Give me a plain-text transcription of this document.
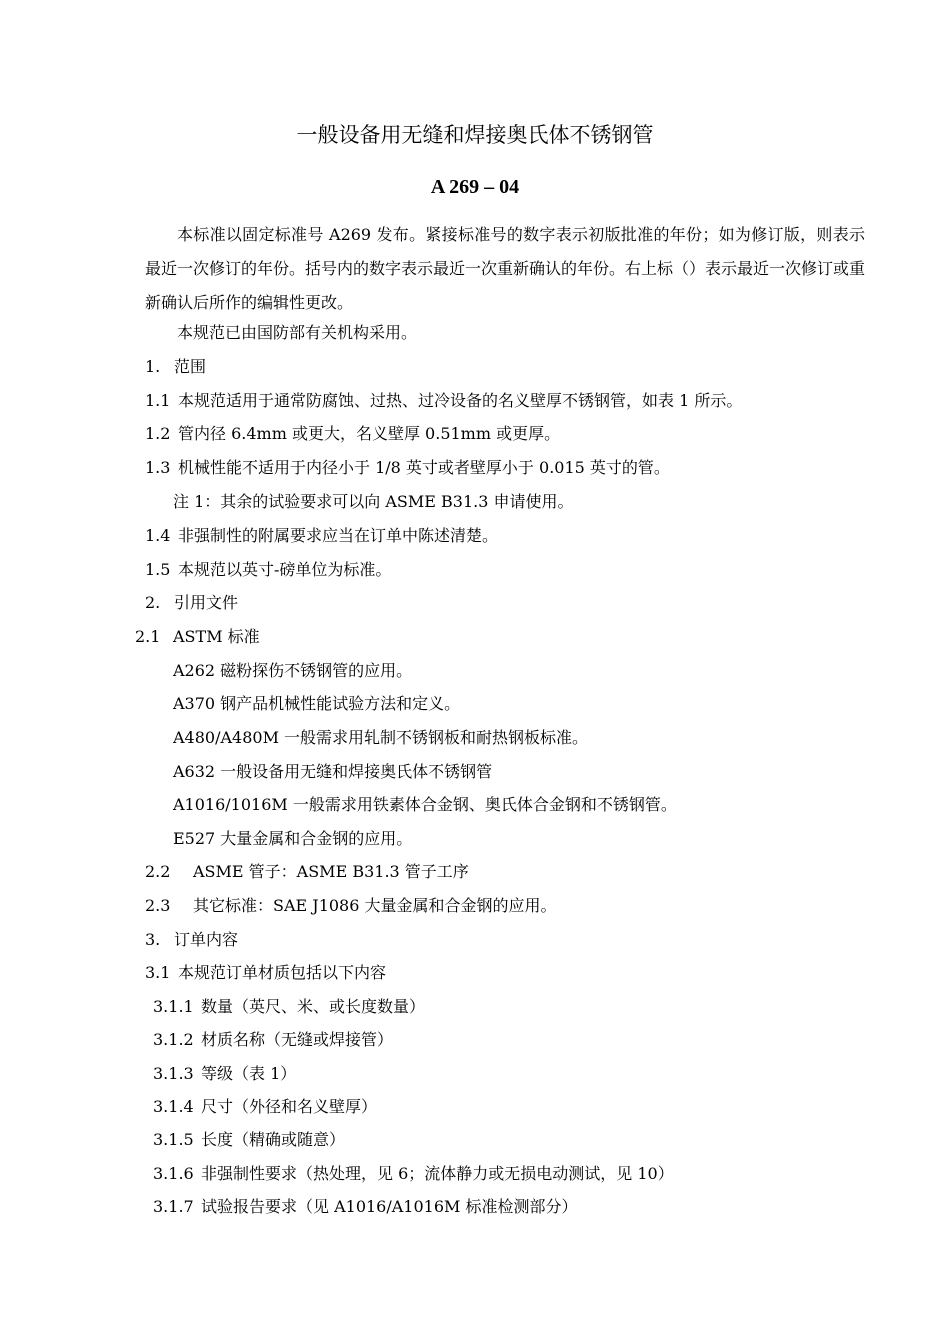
一般设备用无缝和焊接奥氏体不锈钢管
A 269 – 04
本标准以固定标准号 A269 发布。紧接标准号的数字表示初版批准的年份；如为修订版，则表示最近一次修订的年份。括号内的数字表示最近一次重新确认的年份。右上标（）表示最近一次修订或重新确认后所作的编辑性更改。
本规范已由国防部有关机构采用。
1. 范围
1.1 本规范适用于通常防腐蚀、过热、过冷设备的名义壁厚不锈钢管，如表 1 所示。
1.2 管内径 6.4mm 或更大，名义壁厚 0.51mm 或更厚。
1.3 机械性能不适用于内径小于 1/8 英寸或者壁厚小于 0.015 英寸的管。
注 1：其余的试验要求可以向 ASME B31.3 申请使用。
1.4 非强制性的附属要求应当在订单中陈述清楚。
1.5 本规范以英寸-磅单位为标准。
2. 引用文件
2.1 ASTM 标准
A262 磁粉探伤不锈钢管的应用。
A370 钢产品机械性能试验方法和定义。
A480/A480M 一般需求用轧制不锈钢板和耐热钢板标准。
A632 一般设备用无缝和焊接奥氏体不锈钢管
A1016/1016M 一般需求用铁素体合金钢、奥氏体合金钢和不锈钢管。
E527 大量金属和合金钢的应用。
2.2 ASME 管子：ASME B31.3 管子工序
2.3 其它标准：SAE J1086 大量金属和合金钢的应用。
3. 订单内容
3.1 本规范订单材质包括以下内容
3.1.1 数量（英尺、米、或长度数量）
3.1.2 材质名称（无缝或焊接管）
3.1.3 等级（表 1）
3.1.4 尺寸（外径和名义壁厚）
3.1.5 长度（精确或随意）
3.1.6 非强制性要求（热处理，见 6；流体静力或无损电动测试，见 10）
3.1.7 试验报告要求（见 A1016/A1016M 标准检测部分）
